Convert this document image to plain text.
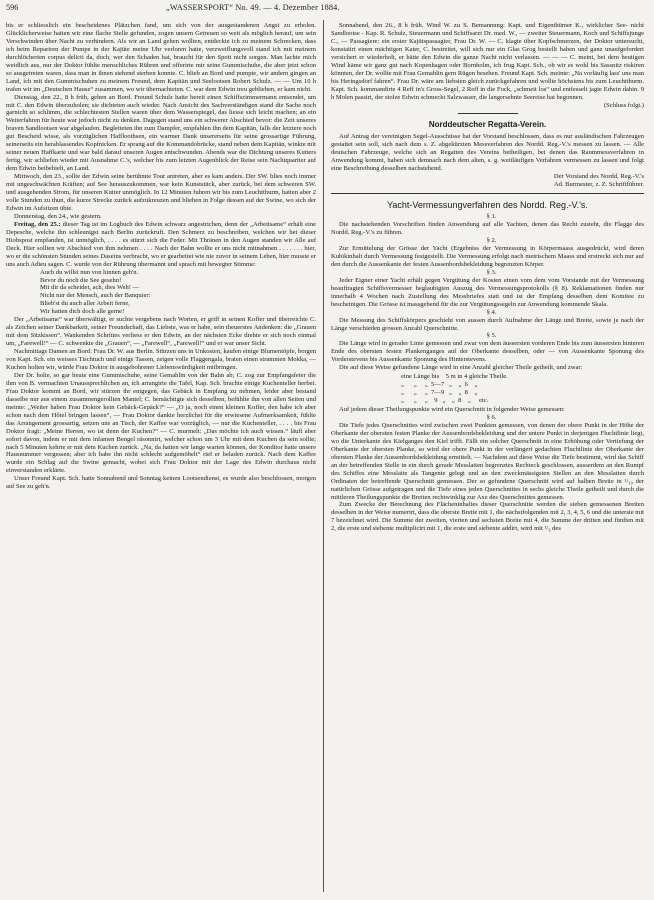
596	„WASSERSPORT“ No. 49. — 4. Dezember 1884.

bis er schliesslich ein bescheidenes Plätzchen fand, um sich von der ausgestandenen Angst zu erholen. Glücklicherweise hatten wir eine flache Stelle gefunden, zogen unsern Getreuen so weit als möglich herauf, um sein Verschwinden über Nacht zu verhindern. Als wir an Land gehen wollten, entdeckte ich zu meinem Schrecken, dass ich beim Repariren der Pumpe in der Kajüte meine Uhr verloren hatte, verzweiflungsvoll stand ich mit meinem durchlöcherten corpus delicti da, doch, wer den Schaden hat, braucht für den Spott nicht sorgen. Man lachte mich weidlich aus, nur der Doktor fühlte menschliches Rühren und offerirte mir seine Gummischuhe, die aber jetzt schon so ausgetreten waren, dass man in ihnen stehend sterben konnte. C. blieb an Bord und pumpte, wir andern gingen an Land, ich mit den Gummischuhen zu meinem Freund, dem Kapitän und Seelootsen Robert Schulz. — — Um 10 h trafen wir im „Deutschen Hause“ zusammen, wo wir übernachteten. C. war dem Edwin treu geblieben, er kam nicht.

Dienstag, den 22., 8 h früh, gehen an Bord. Freund Schulz hatte bereit einen Schiffszimmermann entsendet, um mit C. den Edwin überzuholen; sie dichteten auch wieder. Nach Ansicht des Sachverständigen stand die Sache noch garnicht so schlimm, die schlechtesten Stellen waren über dem Wasserspiegel, das liesse sich leicht machen; an ein Weiterfahren für heute war jedoch nicht zu denken. Dagegen stand uns ein schwerer Abschied bevor: die Zeit unseres braven Sandlootsen war abgelaufen. Begleiteten ihn zum Dampfer, empfahlen ihn dem Kapitän, falls der letztere noch gut Bescheid wisse, als vorzüglichen Haffloothsen, ein warmer Dank unsererseits für seine grossartige Führung, seinerseits ein herablassendes Kopfnicken. Er sprang auf die Kommandobrücke, stand neben dem Kapitän, winkte mit seiner neuen Haffkarte und war bald darauf unseren Augen entschwunden. Abends war die Dichtung unseres Kutters fertig, wir schliefen wieder mit Ausnahme C.'s, welcher bis zum letzten Augenblick der Reise sein Nachtquartier auf dem Edwin beibehielt, an Land.

Mittwoch, den 23., sollte der Edwin seine berühmte Tour antreten, aber es kam anders. Der SW. blies noch immer mit ungeschwächten Kräften; auf See herauszukommen, war kein Kunststück, aber zurück, bei dem schweren SW. und ausgehenden Strom, für unseren Kutter unmöglich. In 12 Minuten fuhren wir bis zum Leuchtthurm, hatten aber 2 volle Stunden zu thun, die kurze Strecke zurück aufzukreuzen und blieben in Folge dessen auf der Swine, wo sich der Edwin im Aufsitzen übte.

Donnerstag, den 24., wie gestern.

Freitag, den 25.: dieser Tag ist im Logbuch des Edwin schwarz angestrichen, denn der „Arbeitsame“ erhält eine Depesche, welche ihn schleunigst nach Berlin zurückruft. Den Schmerz zu beschreiben, welchen wir bei dieser Hiobspost empfanden, ist unmöglich, . . . . es stürzt sich die Feder. Mit Thränen in den Augen standen wir Alle auf Deck. Hier sollten wir Abschied von ihm nehmen . . . . Nach der Bahn wollte er uns nicht mitnahmen . . . . . . . hier, wo er die schönsten Stunden seines Daseins verbracht, wo er gearbeitet wie nie zuvor in seinem Leben, hier musste er uns auch Adieu sagen. C. wurde von der Rührung übermannt und sprach mit bewegter Stimme:

Auch du willst nun von hinnen geh'n.
Bevor du noch die See gesehn!
Mit dir da scheidet, ach, dies Weh! —
Nicht nur der Mensch, auch der Banquier:
Blieb'st du auch aller Arbeit ferne,
Wir hatten dich doch alle gerne!

Der „Arbeitsame“ war überwältigt, er suchte vergebens nach Worten, er griff in seinen Koffer und überreichte C. als Zeichen seiner Dankbarkeit, seiner Freundschaft, das Liebste, was er habe, sein theuerstes Andenken: die „Grauen mit dem Sitzkissen“. Wankenden Schrittes verliess er den Edwin, an der nächsten Ecke drehte er sich noch einmal um, „Farewell!“ — C. schwenkte die „Grauen“, — „Farewell“, „Farewell!“ und er war unser Sicht.

Nachmittags Damen an Bord: Frau Dr. W. aus Berlin. Stürzen uns in Unkosten, kaufen einige Blumentöpfe, borgen von Kapt. Sch. ein weisses Tischtuch und einige Tassen, zeigen volle Flaggengala, braten einen strammen Mokka, — Kuchen holten wir, würde Frau Doktor in ausgebohrener Liebenswürdigkeit mitbringen.

Der Dr. holte, so gar heute eine Gummischuhe, seine Gemahlin von der Bahn ab; C. zog zur Empfangsfeier die ihm von B. vermachten Unaussprechlichen an, ich arrangirte die Tafel, Kap. Sch. brachte einige Kuchenteller herbei. Frau Doktor kommt an Bord, wir stürzen ihr entgegen, das Gebäck in Empfang zu nehmen, leider aber bestand dasselbe nur aus einem zusammengerollten Mantel; C. bemächtigte sich desselben, befühlte ihn von allen Seiten und meinte: „Weiter haben Frau Doktor kein Gebäck-Gepäck?“ — „O ja, noch einen kleinen Koffer, den habe ich aber schon nach dem Hôtel bringen lassen“, — Frau Doktor dankte herzlichst für die erwiesene Aufmerksamkeit, fühlte das Arrangement grossartig, setzen uns an Tisch, der Kaffee war vorzüglich, — nur die Kuchenteller, . . . . bis Frau Doktor fragt: „Meine Herren, wo ist denn der Kuchen?“ — C. murmelt: „Das möchte ich auch wissen.“ läuft aber sofort davon, indem er mit dem infamen Bengel räsonnirt, welcher schon um 3 Uhr mit dem Kuchen da sein sollte; nach 5 Minuten kehrte er mit dem Kuchen zurück. „Na, da hatten wir lange warten können, der Konditor hatte unsere Hausnummer vergessen; aber ich habe ihn nicht schlecht aufgemöbelt“ rief er beladen zurück. Nach dem Kaffee wurde ein Schlag auf die Swine gemacht, wobei sich Frau Doktor mit der Lage des Edwin durchaus nicht einverstanden erklärte.

Unser Freund Kapt. Sch. hatte Sonnabend und Sonntag keinen Lootsendienst, es wurde also beschlossen, morgen auf See zu geh'n.

Sonnabend, den 26., 8 h früh. Wind W. zu S. Bemannung: Kapt. und Eigenthümer K., wirklicher See- nicht Sandlootse - Kap. R. Schulz, Steuermann und Schiffsarzt Dr. med. W., — zweiter Steuermann, Koch und Schiffsjunge C., — Passagiere: ein erster Kajütspassagier, Frau Dr. W. — C. klagte über Kopfschmerzen, der Doktor untersucht, konstatirt einen mächtigen Kater, C. bestreitet, will sich nur ein Glas Grog bestellt haben und ganz unaufgefordert versichert er wiederholt, er hätte den Edwin die ganze Nacht nicht verlassen. — — — C. meint, bei dem heutigen Wind käme wir ganz gut nach Kopenhagen oder Bornholm, ich frug Kapt. Sch., ob wir es wohl bis Sassnitz riskiren könnten, der Dr. wollte mit Frau Gemahlin gern Rügen besehen. Freund Kapt. Sch. meinte: „Na vorläufig lass' uns man bis Heringsdorf fahren“. Frau Dr. wäre am liebsten gleich zurückgefahren und wollte höchstens bis zum Leuchtthurm. Kapt. Sch. kommandirte 4 Reff in's Gross-Segel, 2 Reff in die Fock, „schmeit los“ und entfesselt jagte Edwin dahin. 9 h Molen passirt, der stolze Edwin schmeckt Salzwasser, die langersehnte Seereise hat begonnen.

(Schluss folgt.)

Norddeutscher Regatta-Verein.

Auf Antrag der vereinigten Segel-Ausschüsse hat der Vorstand beschlossen, dass es nur ausländischen Fahrzeugen gestattet sein soll, sich nach dem s. Z. abgekürzten Messverfahren des Nordd. Reg.-V.'s messen zu lassen. — Alle deutschen Fahrzeuge, welche sich an Regatten des Vereins betheiligen, bei denen das Raummessverfahren in Anwendung kommt, haben sich demnach nach dem alten, s. g. weitläufigen Verfahren vermessen zu lassen und folgt eine Beschreibung desselben nachstehend.

Der Vorstand des Nordd. Reg.-V.'s

Ad. Burmester, z. Z. Schriftführer.

Yacht-Vermessungverfahren des Nordd. Reg.-V.'s.

§ 1.

Die nachstehenden Vorschriften finden Anwendung auf alle Yachten, denen das Recht zusteht, die Flagge des Nordd. Reg.-V.'s zu führen.

§ 2.

Zur Ermittelung der Grösse der Yacht (Ergebniss der Vermessung in Körpermaass ausgedrückt, wird deren Kubikinhalt durch Vermessung festgestellt. Die Vermessung erfolgt nach metrischem Maass und erstreckt sich nur auf den durch die Aussenkante der festen Aussenbordsbekleidung begrenzten Körper.

§ 3.

Jeder Eigner einer Yacht erhält gegen Vergütung der Kosten einen vom dem vom Vorstande mit der Vermessung beauftragten Schiffsvermesser beglaubigten Auszug des Vermessungsprotokolls (§ 8). Reklamationen finden nur innerhalb 4 Wochen nach Zustellung des Messbriefes statt und ist der Empfang desselben dem Komitee zu bescheinigen. Die Grösse ist massgebend für die zur Vergütungssegeln zur Anwendung kommende Skala.

§ 4.

Die Messung des Schiffskörpers geschieht von aussen durch Aufnahme der Länge und Breite, sowie je nach der Länge verschieden grossen Anzahl Querschnitte.

§ 5.

Die Länge wird in gerader Linie gemessen und zwar von dem äussersten vorderen Ende bis zum äussersten hinteren Ende des obersten festen Plankenganges auf der Oberkante desselben, oder — von Aussenkante Sponung des Vorderstevens bis Aussenkante Sponung des Hinterstevens.

Die auf diese Weise gefundene Länge wird in eine Anzahl gleicher Theile getheilt, und zwar:

eine Länge bis    5 m in 4 gleiche Theile.
„      „     „  5—7   „    „  6    „
„      „     „  7—9   „    „  8    „
„      „     „    9   „    „  8    „     etc.

Auf jedem dieser Theilungspunkte wird ein Querschnitt in folgender Weise gemessen:

§ 6.

Die Tiefe jedes Querschnittes wird zwischen zwei Punkten gemessen, von denen der obere Punkt in der Höhe der Oberkante der obersten festen Planke der Aussenbordsbekleidung und der untere Punkt in derjenigen Fluchtlinie liegt, wo die Unterkante des Kielganges den Kiel trifft. Fällt ein solcher Querschnitt in eine Erhöhung oder Vertiefung der Oberkante der obersten Planke, so wird der obere Punkt in der verlängert gedachten Fluchtlinie der Oberkante der obersten Planke der Aussenbordsbekleidung ermittelt. — Nachdem auf diese Weise die Tiefe bestimmt, wird das Schiff an der betreffenden Stelle in ein durch gerade Messlatten begrenztes Rechteck geschlossen, ausserdem an den Rumpf des Schiffes eine Messlatte als Tangente gelegt und an den zweckmässigsten Stellen an den Messlatten durch Ordinaten der betreffende Querschnitt gemessen. Der so gefundene Querschnitt wird auf halben Breite in ¹/₁₀ der natürlichen Grösse aufgetragen und die Tiefe eines jeden Querschnittes in sechs gleiche Theile getheilt und durch die mittleren Theilungspunkte die Breiten rechtwinklig zur Axe des Querschnittes gemessen.

Zum Zwecke der Berechnung des Flächeninhaltes dieser Querschnitte werden die sieben gemessenen Breiten desselben in der Weise numerirt, dass die oberste Breite mit 1, die nächstfolgenden mit 2, 3, 4, 5, 6 und die unterste mit 7 bezeichnet wird. Die Summe der zweiten, vierten und sechsten Breite mit 4, die Summe der dritten und fünften mit 2, die erste und siebente multiplicirt mit 1, die erste und siebente addirt, wird mit ¹/₃ des
